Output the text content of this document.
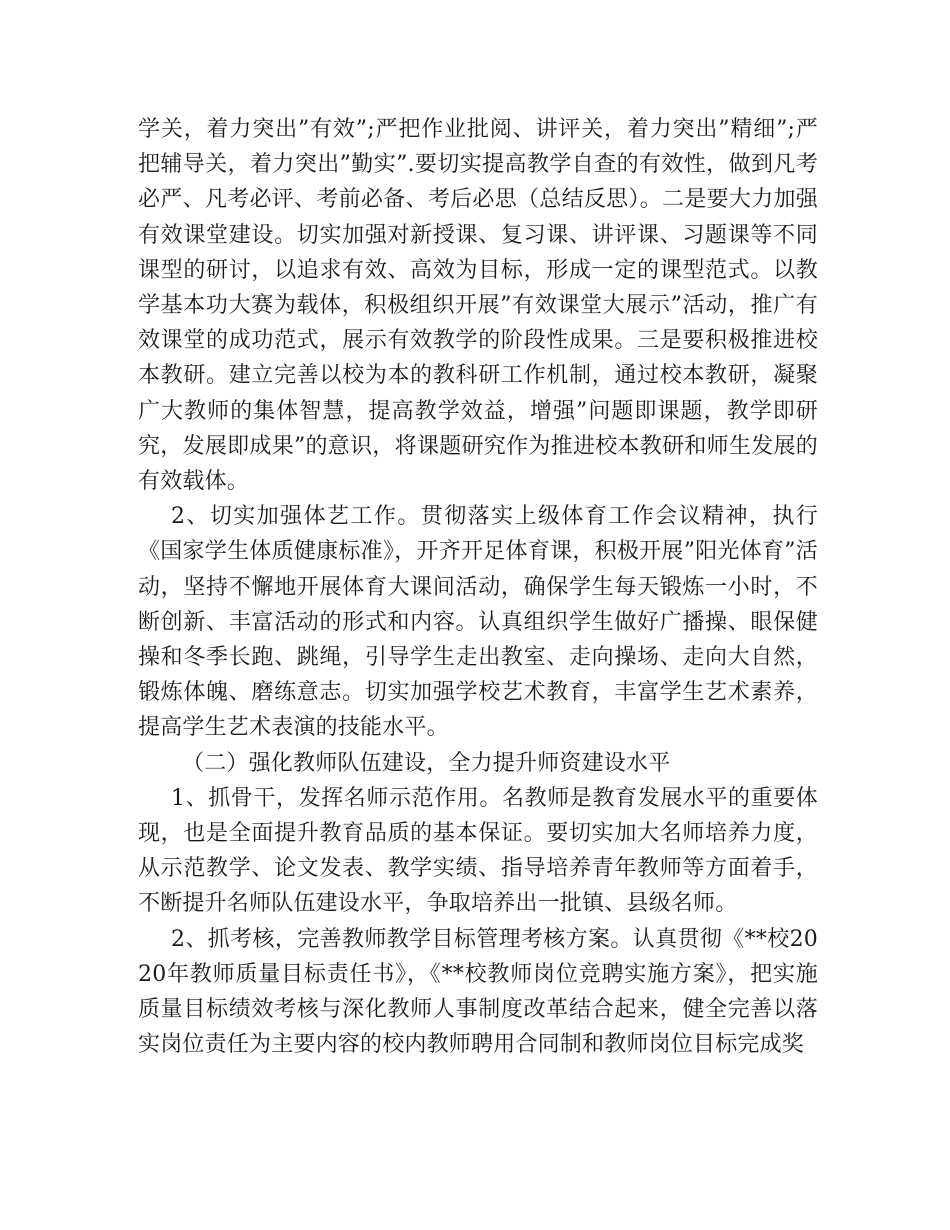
学关，着力突出”有效”;严把作业批阅、讲评关，着力突出”精细”;严把辅导关，着力突出”勤实”.要切实提高教学自查的有效性，做到凡考必严、凡考必评、考前必备、考后必思（总结反思）。二是要大力加强有效课堂建设。切实加强对新授课、复习课、讲评课、习题课等不同课型的研讨，以追求有效、高效为目标，形成一定的课型范式。以教学基本功大赛为载体，积极组织开展”有效课堂大展示”活动，推广有效课堂的成功范式，展示有效教学的阶段性成果。三是要积极推进校本教研。建立完善以校为本的教科研工作机制，通过校本教研，凝聚广大教师的集体智慧，提高教学效益，增强”问题即课题，教学即研究，发展即成果”的意识，将课题研究作为推进校本教研和师生发展的有效载体。

2、切实加强体艺工作。贯彻落实上级体育工作会议精神，执行《国家学生体质健康标准》，开齐开足体育课，积极开展”阳光体育”活动，坚持不懈地开展体育大课间活动，确保学生每天锻炼一小时，不断创新、丰富活动的形式和内容。认真组织学生做好广播操、眼保健操和冬季长跑、跳绳，引导学生走出教室、走向操场、走向大自然，锻炼体魄、磨练意志。切实加强学校艺术教育，丰富学生艺术素养，提高学生艺术表演的技能水平。

（二）强化教师队伍建设，全力提升师资建设水平

1、抓骨干，发挥名师示范作用。名教师是教育发展水平的重要体现，也是全面提升教育品质的基本保证。要切实加大名师培养力度，从示范教学、论文发表、教学实绩、指导培养青年教师等方面着手，不断提升名师队伍建设水平，争取培养出一批镇、县级名师。

2、抓考核，完善教师教学目标管理考核方案。认真贯彻《**校2020年教师质量目标责任书》，《**校教师岗位竞聘实施方案》，把实施质量目标绩效考核与深化教师人事制度改革结合起来，健全完善以落实岗位责任为主要内容的校内教师聘用合同制和教师岗位目标完成奖
